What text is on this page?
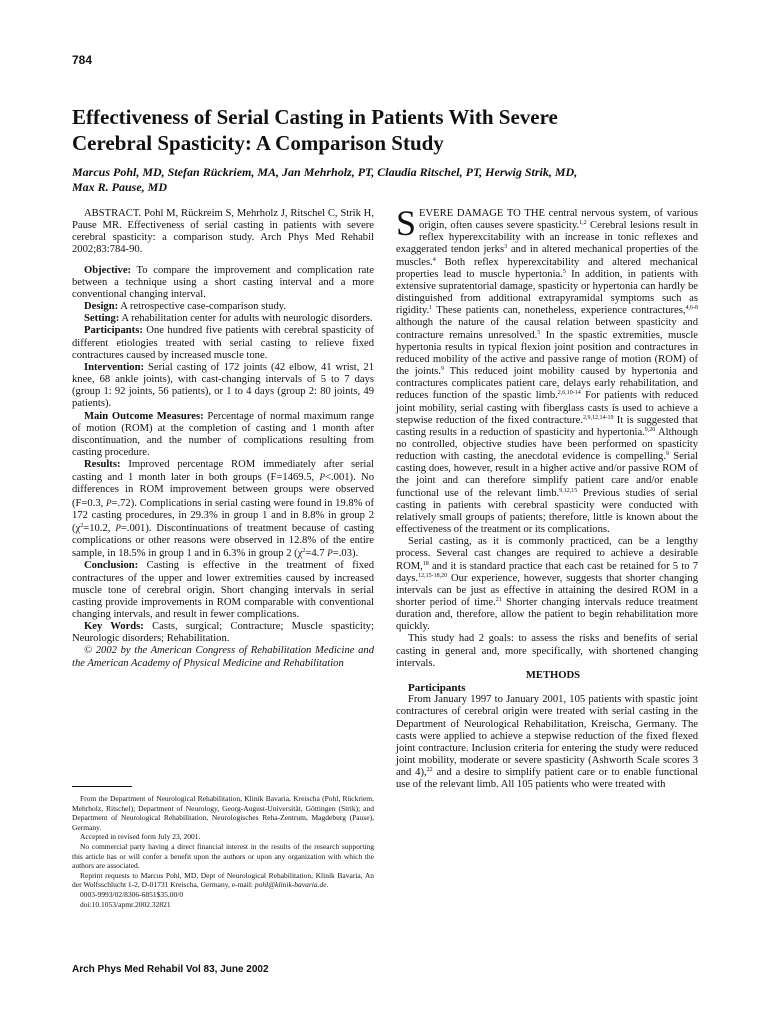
784
Effectiveness of Serial Casting in Patients With Severe
Cerebral Spasticity: A Comparison Study
Marcus Pohl, MD, Stefan Rückriem, MA, Jan Mehrholz, PT, Claudia Ritschel, PT, Herwig Strik, MD,
Max R. Pause, MD

ABSTRACT. Pohl M, Rückreim S, Mehrholz J, Ritschel C, Strik H, Pause MR. Effectiveness of serial casting in patients with severe cerebral spasticity: a comparison study. Arch Phys Med Rehabil 2002;83:784-90.

Objective: To compare the improvement and complication rate between a technique using a short casting interval and a more conventional changing interval.

Design: A retrospective case-comparison study.

Setting: A rehabilitation center for adults with neurologic disorders.

Participants: One hundred five patients with cerebral spasticity of different etiologies treated with serial casting to relieve fixed contractures caused by increased muscle tone.

Intervention: Serial casting of 172 joints (42 elbow, 41 wrist, 21 knee, 68 ankle joints), with cast-changing intervals of 5 to 7 days (group 1: 92 joints, 56 patients), or 1 to 4 days (group 2: 80 joints, 49 patients).

Main Outcome Measures: Percentage of normal maximum range of motion (ROM) at the completion of casting and 1 month after discontinuation, and the number of complications resulting from casting procedure.

Results: Improved percentage ROM immediately after serial casting and 1 month later in both groups (F=1469.5, P<.001). No differences in ROM improvement between groups were observed (F=0.3, P=.72). Complications in serial casting were found in 19.8% of 172 casting procedures, in 29.3% in group 1 and in 8.8% in group 2 ($\chi^2=10.2$, P=.001). Discontinuations of treatment because of casting complications or other reasons were observed in 12.8% of the entire sample, in 18.5% in group 1 and in 6.3% in group 2 ($\chi^2=4.7$ P=.03).

Conclusion: Casting is effective in the treatment of fixed contractures of the upper and lower extremities caused by increased muscle tone of cerebral origin. Short changing intervals in serial casting provide improvements in ROM comparable with conventional changing intervals, and result in fewer complications.

Key Words: Casts, surgical; Contracture; Muscle spasticity; Neurologic disorders; Rehabilitation.

© 2002 by the American Congress of Rehabilitation Medicine and the American Academy of Physical Medicine and Rehabilitation

From the Department of Neurological Rehabilitation, Klinik Bavaria, Kreischa (Pohl, Rückriem, Mehrholz, Ritschel); Department of Neurology, Georg-August-Universität, Göttingen (Strik); and Department of Neurological Rehabilitation, Neurologisches Reha-Zentrum, Magdeburg (Pause), Germany.

Accepted in revised form July 23, 2001.

No commercial party having a direct financial interest in the results of the research supporting this article has or will confer a benefit upon the authors or upon any organization with which the authors are associated.

Reprint requests to Marcus Pohl, MD, Dept of Neurological Rehabilitation, Klinik Bavaria, An der Wolfsschlucht 1-2, D-01731 Kreischa, Germany, e-mail: pohl@klinik-bavaria.de.

0003-9993/02/8306-6851$35.00/0

doi:10.1053/apmr.2002.32821

SEVERE DAMAGE TO THE central nervous system, of various origin, often causes severe spasticity.$^{1,2}$ Cerebral lesions result in reflex hyperexcitability with an increase in tonic reflexes and exaggerated tendon jerks$^3$ and in altered mechanical properties of the muscles.$^4$ Both reflex hyperexcitability and altered mechanical properties lead to muscle hypertonia.$^5$ In addition, in patients with extensive supratentorial damage, spasticity or hypertonia can hardly be distinguished from additional extrapyramidal symptoms such as rigidity.$^1$ These patients can, nonetheless, experience contractures,$^{4,6-8}$ although the nature of the causal relation between spasticity and contracture remains unresolved.$^5$ In the spastic extremities, muscle hypertonia results in typical flexion joint position and contractures in reduced mobility of the active and passive range of motion (ROM) of the joints.$^9$ This reduced joint mobility caused by hypertonia and contractures complicates patient care, delays early rehabilitation, and reduces function of the spastic limb.$^{2,6,10-14}$ For patients with reduced joint mobility, serial casting with fiberglass casts is used to achieve a stepwise reduction of the fixed contracture.$^{2,9,12,14-19}$ It is suggested that casting results in a reduction of spasticity and hypertonia.$^{9,20}$ Although no controlled, objective studies have been performed on spasticity reduction with casting, the anecdotal evidence is compelling.$^9$ Serial casting does, however, result in a higher active and/or passive ROM of the joint and can therefore simplify patient care and/or enable functional use of the relevant limb.$^{9,12,15}$ Previous studies of serial casting in patients with cerebral spasticity were conducted with relatively small groups of patients; therefore, little is known about the effectiveness of the treatment or its complications.

Serial casting, as it is commonly practiced, can be a lengthy process. Several cast changes are required to achieve a desirable ROM,$^{18}$ and it is standard practice that each cast be retained for 5 to 7 days.$^{12,15-18,20}$ Our experience, however, suggests that shorter changing intervals can be just as effective in attaining the desired ROM in a shorter period of time.$^{21}$ Shorter changing intervals reduce treatment duration and, therefore, allow the patient to begin rehabilitation more quickly.

This study had 2 goals: to assess the risks and benefits of serial casting in general and, more specifically, with shortened changing intervals.

METHODS

Participants

From January 1997 to January 2001, 105 patients with spastic joint contractures of cerebral origin were treated with serial casting in the Department of Neurological Rehabilitation, Kreischa, Germany. The casts were applied to achieve a stepwise reduction of the fixed flexed joint contracture. Inclusion criteria for entering the study were reduced joint mobility, moderate or severe spasticity (Ashworth Scale scores 3 and 4),$^{22}$ and a desire to simplify patient care or to enable functional use of the relevant limb. All 105 patients who were treated with

Arch Phys Med Rehabil Vol 83, June 2002
